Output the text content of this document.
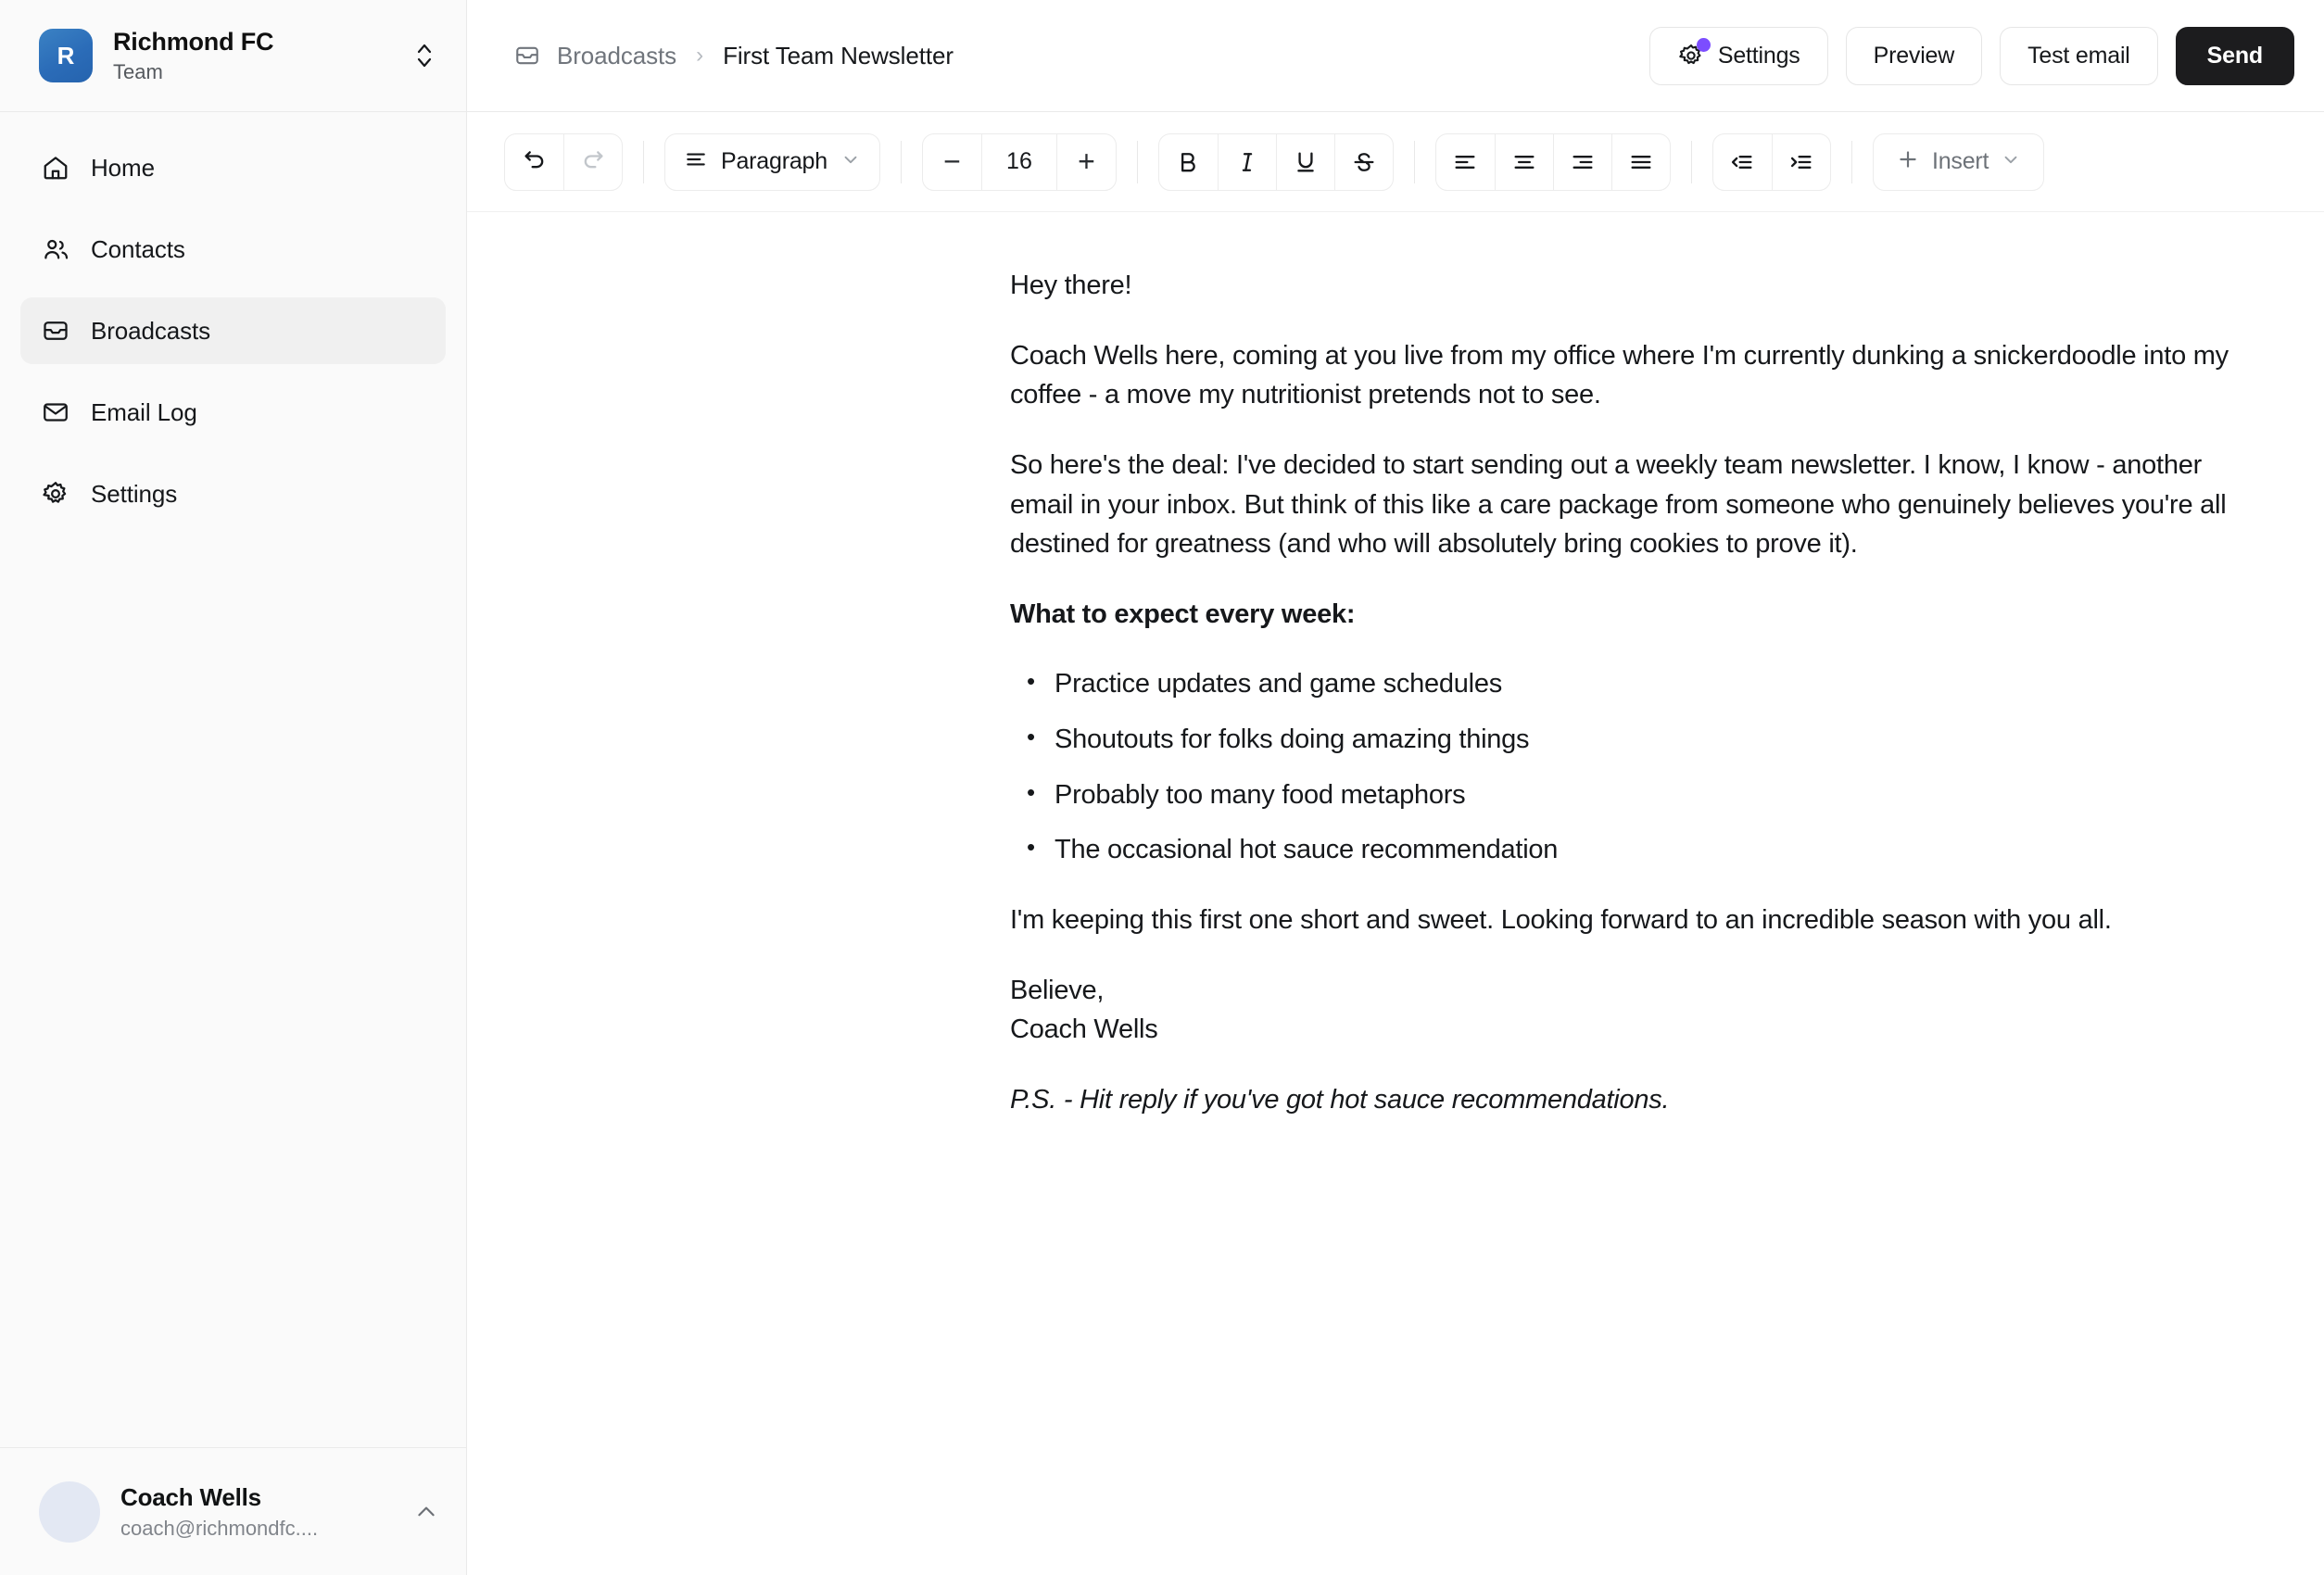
R	Richmond FC
Team
Home
Contacts
Broadcasts
Email Log
Settings
Coach Wells
coach@richmondfc....
Broadcasts › First Team Newsletter	Settings	Preview	Test email	Send
Paragraph	−	16	+	Insert

Hey there!

Coach Wells here, coming at you live from my office where I'm currently dunking a snickerdoodle into my coffee - a move my nutritionist pretends not to see.

So here's the deal: I've decided to start sending out a weekly team newsletter. I know, I know - another email in your inbox. But think of this like a care package from someone who genuinely believes you're all destined for greatness (and who will absolutely bring cookies to prove it).

What to expect every week:

• Practice updates and game schedules
• Shoutouts for folks doing amazing things
• Probably too many food metaphors
• The occasional hot sauce recommendation

I'm keeping this first one short and sweet. Looking forward to an incredible season with you all.

Believe,
Coach Wells

P.S. - Hit reply if you've got hot sauce recommendations.
